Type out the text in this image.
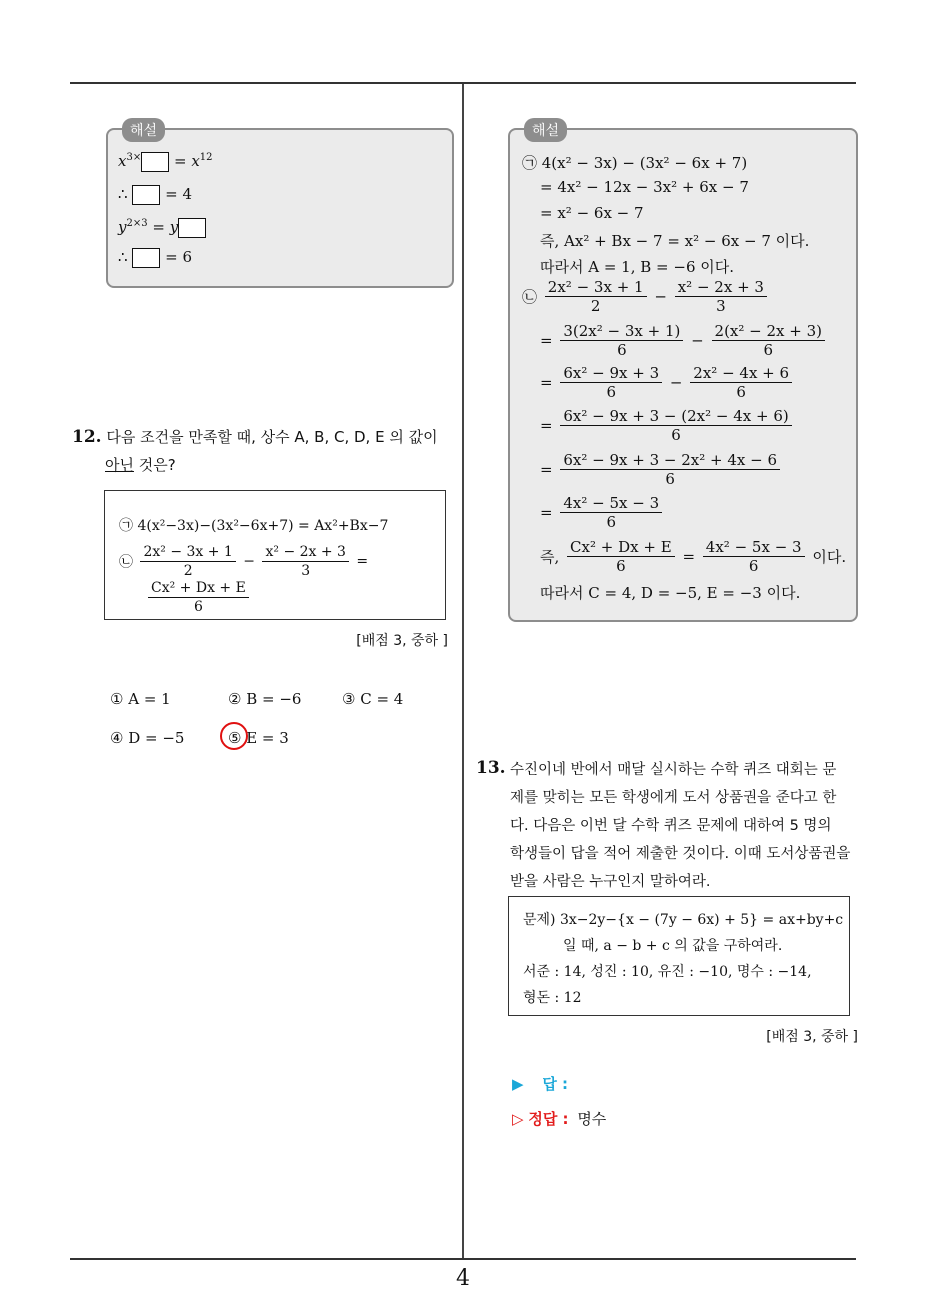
4
해설
$x^{3\times} = x^{12}$
∴	= 4
$y^{2\times 3} = y$
∴	= 6
12. 다음 조건을 만족할 때, 상수 A, B, C, D, E 의 값이
아닌 것은?
㉠ 4(x²−3x)−(3x²−6x+7) = Ax²+Bx−7
㉡ $\frac{\text{2x² − 3x + 1}}{2} - \frac{\text{x² − 2x + 3}}{3}$ =
$\frac{\text{Cx² + Dx + E}}{6}$
[배점 3, 중하 ]
① A = 1	② B = −6	③ C = 4
④ D = −5	⑤ E = 3
해설
㉠ 4(x² − 3x) − (3x² − 6x + 7)
= 4x² − 12x − 3x² + 6x − 7
= x² − 6x − 7
즉, Ax² + Bx − 7 = x² − 6x − 7 이다.
따라서 A = 1, B = −6 이다.
㉡ $\frac{\text{2x² − 3x + 1}}{2} - \frac{\text{x² − 2x + 3}}{3}$
= $\frac{\text{3(2x² − 3x + 1)}}{6} - \frac{\text{2(x² − 2x + 3)}}{6}$
= $\frac{\text{6x² − 9x + 3}}{6} - \frac{\text{2x² − 4x + 6}}{6}$
= $\frac{\text{6x² − 9x + 3 − (2x² − 4x + 6)}}{6}$
= $\frac{\text{6x² − 9x + 3 − 2x² + 4x − 6}}{6}$
= $\frac{\text{4x² − 5x − 3}}{6}$
즉, $\frac{\text{Cx² + Dx + E}}{6} = \frac{\text{4x² − 5x − 3}}{6}$ 이다.
따라서 C = 4, D = −5, E = −3 이다.
13. 수진이네 반에서 매달 실시하는 수학 퀴즈 대회는 문
제를 맞히는 모든 학생에게 도서 상품권을 준다고 한
다. 다음은 이번 달 수학 퀴즈 문제에 대하여 5 명의
학생들이 답을 적어 제출한 것이다. 이때 도서상품권을
받을 사람은 누구인지 말하여라.
문제) 3x−2y−{x − (7y − 6x) + 5} = ax+by+c
일 때, a − b + c 의 값을 구하여라.
서준 : 14, 성진 : 10, 유진 : −10, 명수 : −14,
형돈 : 12
[배점 3, 중하 ]
▶ 답 :
▷ 정답 : 명수
